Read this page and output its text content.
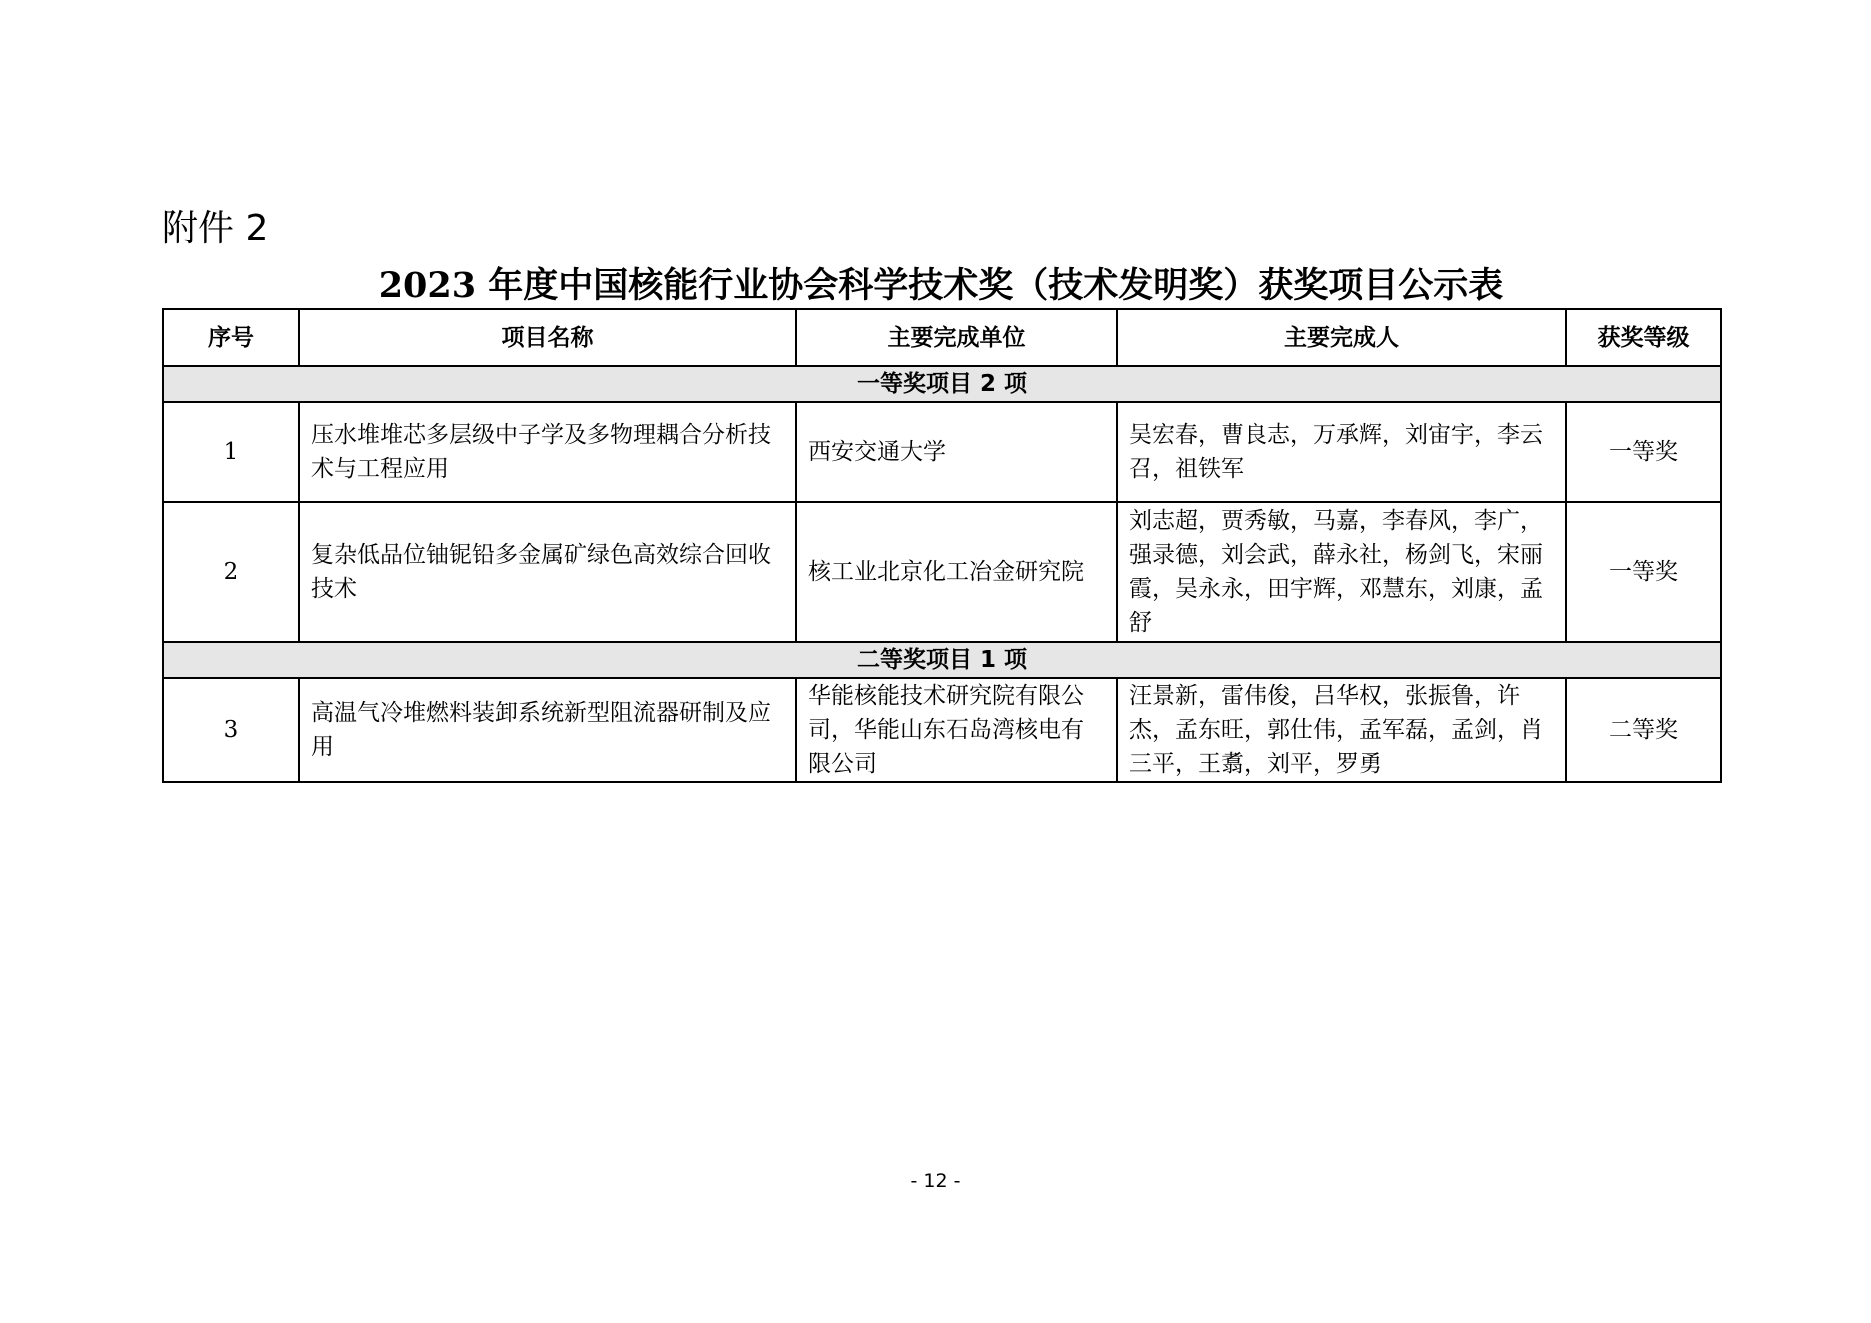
附件 2
2023 年度中国核能行业协会科学技术奖（技术发明奖）获奖项目公示表
序号	项目名称	主要完成单位	主要完成人	获奖等级
一等奖项目 2 项				
1	压水堆堆芯多层级中子学及多物理耦合分析技术与工程应用	西安交通大学	吴宏春，曹良志，万承辉，刘宙宇，李云召，祖铁军	一等奖
2	复杂低品位铀铌铅多金属矿绿色高效综合回收技术	核工业北京化工冶金研究院	刘志超，贾秀敏，马嘉，李春风，李广，强录德，刘会武，薛永社，杨剑飞，宋丽霞，吴永永，田宇辉，邓慧东，刘康，孟舒	一等奖
二等奖项目 1 项				
3	高温气冷堆燃料装卸系统新型阻流器研制及应用	华能核能技术研究院有限公司，华能山东石岛湾核电有限公司	汪景新，雷伟俊，吕华权，张振鲁，许杰，孟东旺，郭仕伟，孟军磊，孟剑，肖三平，王翥，刘平，罗勇	二等奖
- 12 -
